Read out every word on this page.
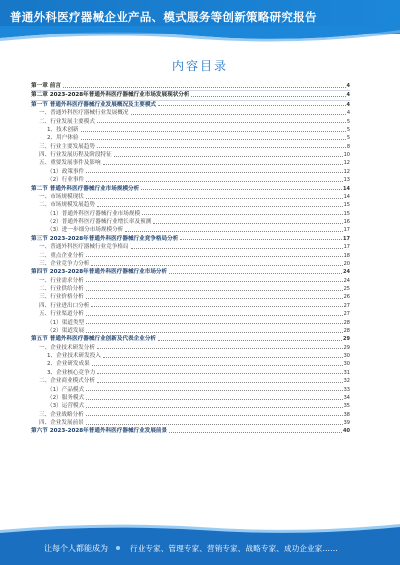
普通外科医疗器械企业产品、模式服务等创新策略研究报告
内容目录
第一章 前言	4
第二章 2023-2028年普通外科医疗器械行业市场发展现状分析	4
第一节 普通外科医疗器械行业发展概况及主要模式	4
一、普通外科医疗器械行业发展概况	4
二、行业发展主要模式	5
1、技术创新	5
2、用户体验	5
三、行业主要发展趋势	8
四、行业发展历程及阶段特征	10
五、重要发展事件及影响	12
（1）政策事件	12
（2）行业事件	13
第二节 普通外科医疗器械行业市场规模分析	14
一、市场规模现状	14
二、市场规模发展趋势	15
（1）普通外科医疗器械行业市场规模	15
（2）普通外科医疗器械行业增长率及预测	16
（3）进一步细分市场规模分析	17
第三节 2023-2028年普通外科医疗器械行业竞争格局分析	17
一、普通外科医疗器械行业竞争格局	17
二、重点企业分析	18
三、企业竞争力分析	20
第四节 2023-2028年普通外科医疗器械行业市场分析	24
一、行业需求分析	24
二、行业供给分析	25
三、行业价格分析	26
四、行业进出口分析	27
五、行业渠道分析	27
（1）渠道类型	28
（2）渠道发展	28
第五节 普通外科医疗器械行业创新及代表企业分析	29
一、企业技术研发分析	29
1、企业技术研发投入	30
2、企业研发成果	30
3、企业核心竞争力	31
二、企业商业模式分析	32
（1）产品模式	33
（2）服务模式	34
（3）运营模式	35
三、企业战略分析	38
四、企业发展前景	39
第六节 2023-2028年普通外科医疗器械行业发展前景	40
让每个人都能成为	行业专家、管理专家、营销专家、战略专家、成功企业家……
